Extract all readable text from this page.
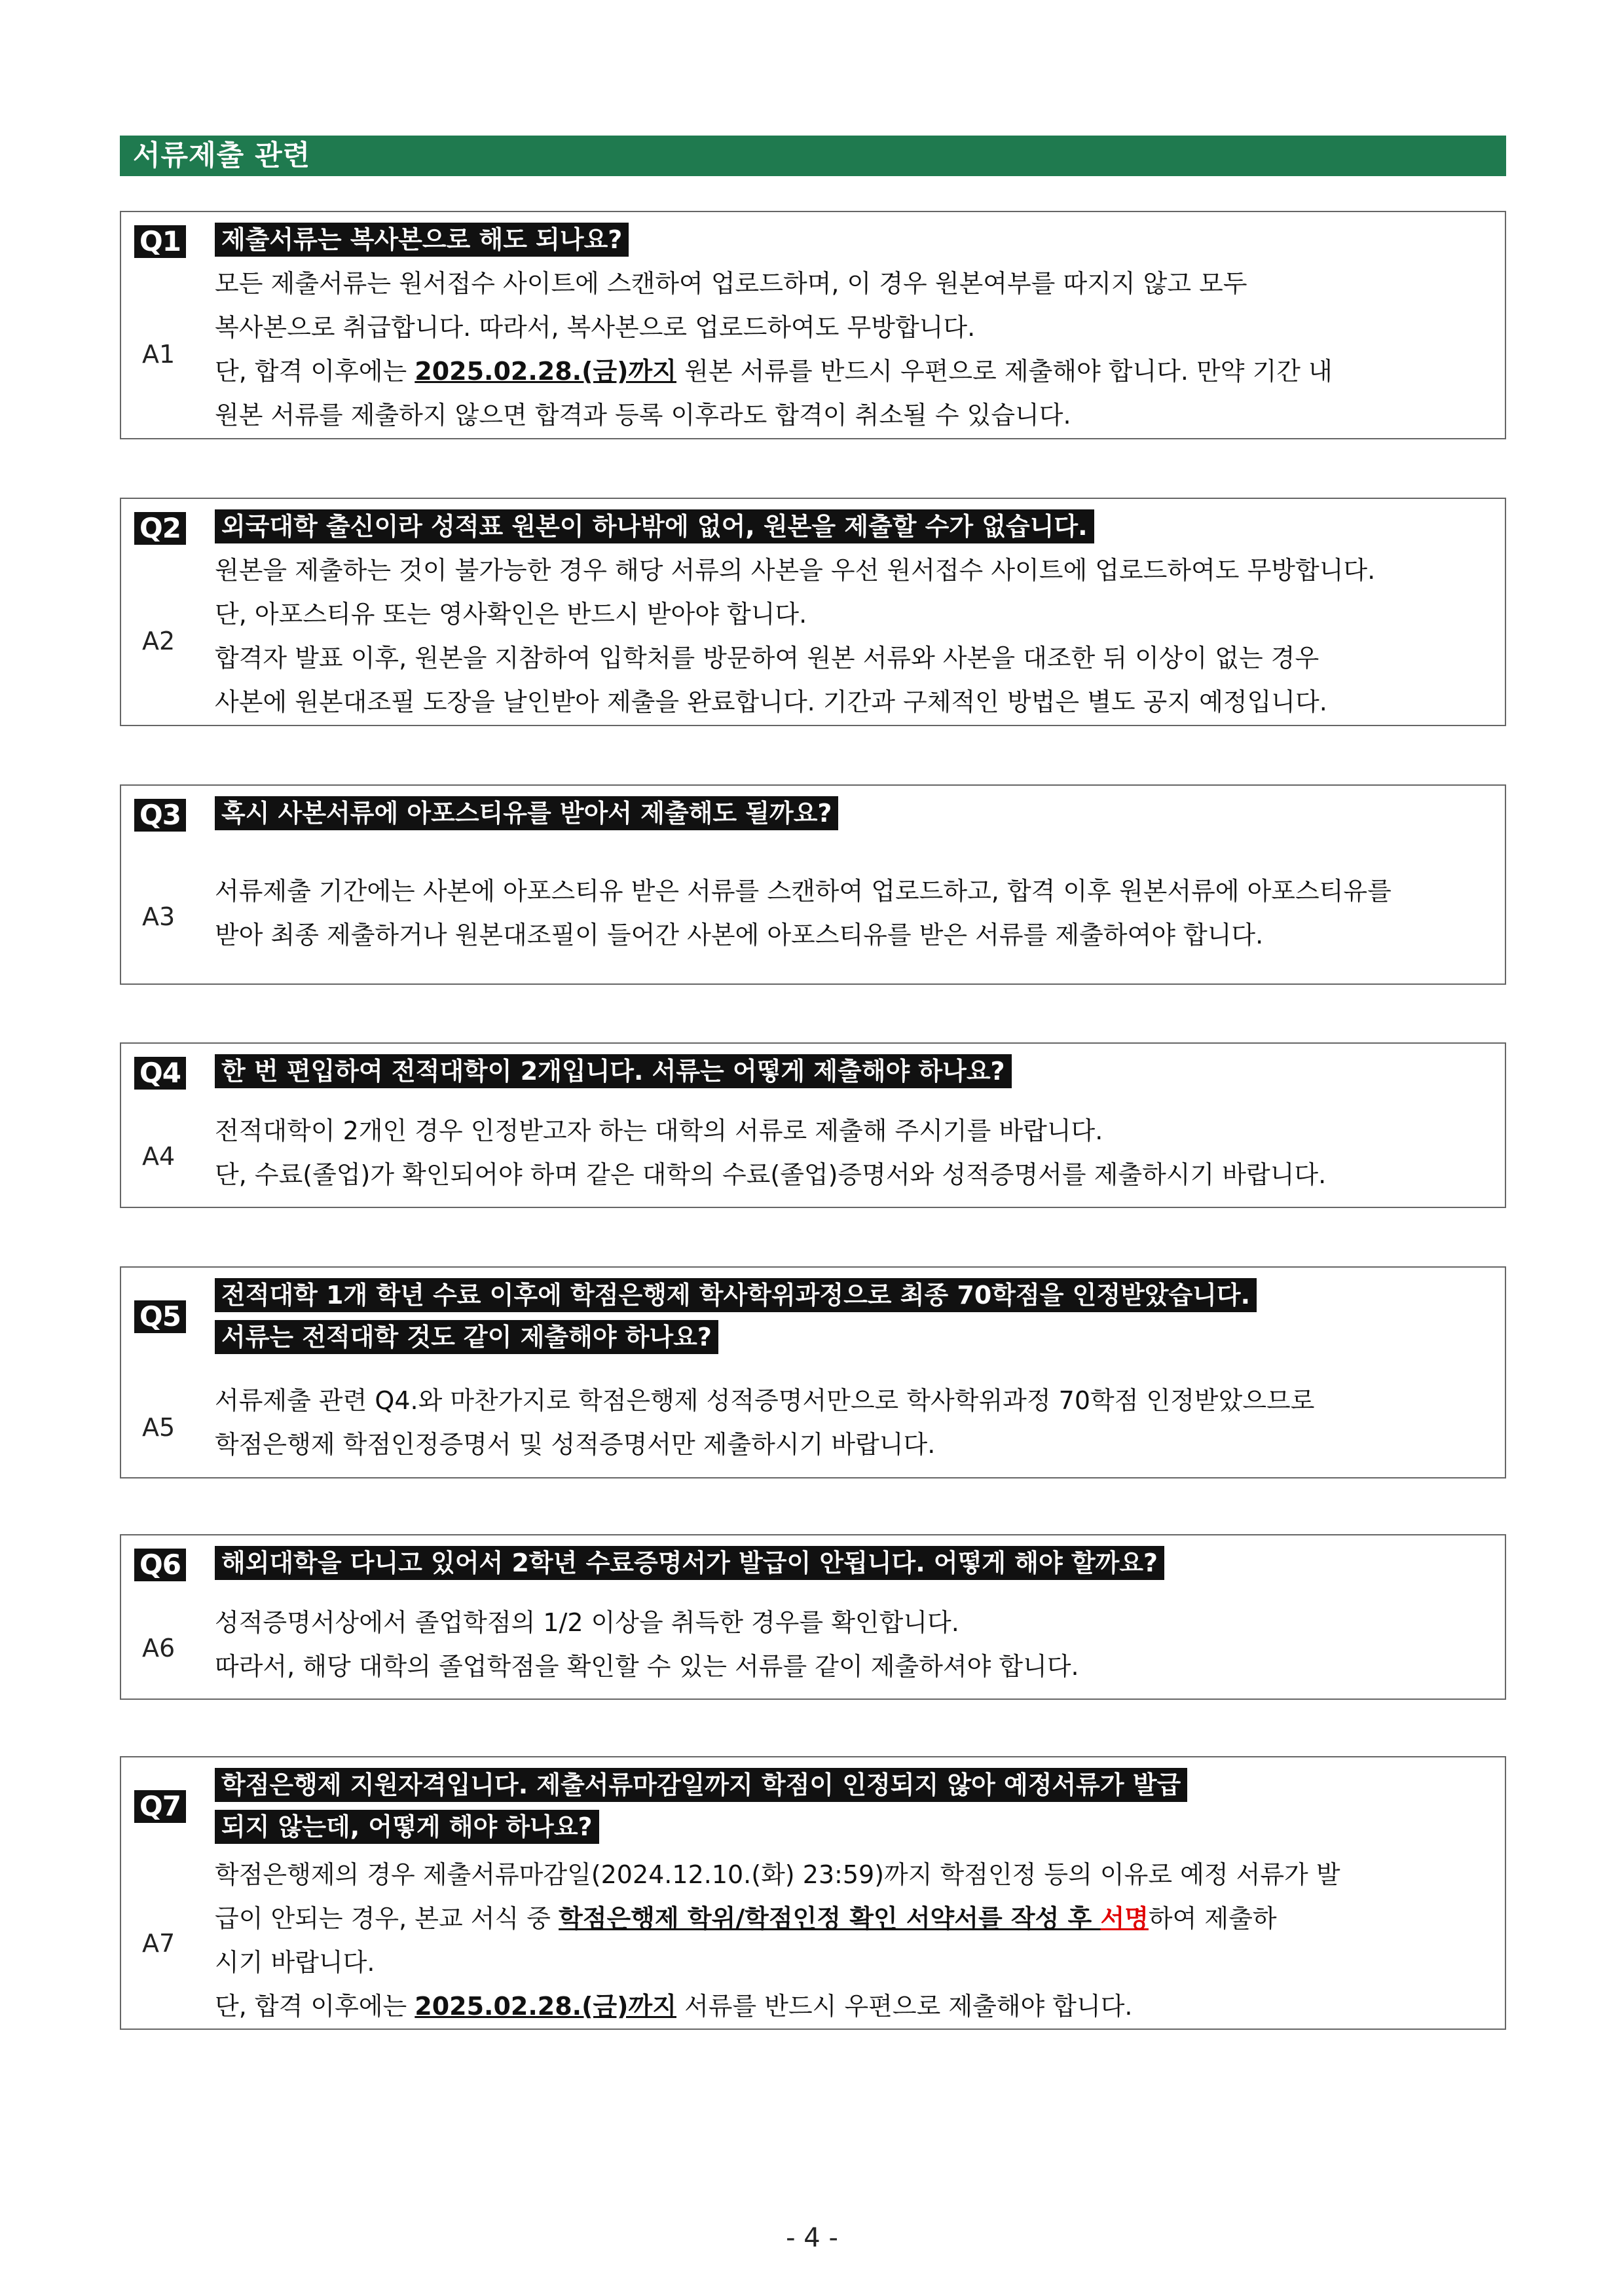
서류제출 관련
Q1 제출서류는 복사본으로 해도 되나요?
A1

모든 제출서류는 원서접수 사이트에 스캔하여 업로드하며, 이 경우 원본여부를 따지지 않고 모두

복사본으로 취급합니다. 따라서, 복사본으로 업로드하여도 무방합니다.

단, 합격 이후에는 2025.02.28.(금)까지 원본 서류를 반드시 우편으로 제출해야 합니다. 만약 기간 내

원본 서류를 제출하지 않으면 합격과 등록 이후라도 합격이 취소될 수 있습니다.

Q2 외국대학 출신이라 성적표 원본이 하나밖에 없어, 원본을 제출할 수가 없습니다.
A2

원본을 제출하는 것이 불가능한 경우 해당 서류의 사본을 우선 원서접수 사이트에 업로드하여도 무방합니다.

단, 아포스티유 또는 영사확인은 반드시 받아야 합니다.

합격자 발표 이후, 원본을 지참하여 입학처를 방문하여 원본 서류와 사본을 대조한 뒤 이상이 없는 경우

사본에 원본대조필 도장을 날인받아 제출을 완료합니다. 기간과 구체적인 방법은 별도 공지 예정입니다.

Q3 혹시 사본서류에 아포스티유를 받아서 제출해도 될까요?
A3

서류제출 기간에는 사본에 아포스티유 받은 서류를 스캔하여 업로드하고, 합격 이후 원본서류에 아포스티유를

받아 최종 제출하거나 원본대조필이 들어간 사본에 아포스티유를 받은 서류를 제출하여야 합니다.

Q4 한 번 편입하여 전적대학이 2개입니다. 서류는 어떻게 제출해야 하나요?
A4

전적대학이 2개인 경우 인정받고자 하는 대학의 서류로 제출해 주시기를 바랍니다.

단, 수료(졸업)가 확인되어야 하며 같은 대학의 수료(졸업)증명서와 성적증명서를 제출하시기 바랍니다.

Q5
전적대학 1개 학년 수료 이후에 학점은행제 학사학위과정으로 최종 70학점을 인정받았습니다.
서류는 전적대학 것도 같이 제출해야 하나요?
A5

서류제출 관련 Q4.와 마찬가지로 학점은행제 성적증명서만으로 학사학위과정 70학점 인정받았으므로

학점은행제 학점인정증명서 및 성적증명서만 제출하시기 바랍니다.

Q6 해외대학을 다니고 있어서 2학년 수료증명서가 발급이 안됩니다. 어떻게 해야 할까요?
A6

성적증명서상에서 졸업학점의 1/2 이상을 취득한 경우를 확인합니다.

따라서, 해당 대학의 졸업학점을 확인할 수 있는 서류를 같이 제출하셔야 합니다.

Q7
학점은행제 지원자격입니다. 제출서류마감일까지 학점이 인정되지 않아 예정서류가 발급
되지 않는데, 어떻게 해야 하나요?
A7

학점은행제의 경우 제출서류마감일(2024.12.10.(화) 23:59)까지 학점인정 등의 이유로 예정 서류가 발

급이 안되는 경우, 본교 서식 중 학점은행제 학위/학점인정 확인 서약서를 작성 후 서명하여 제출하

시기 바랍니다.

단, 합격 이후에는 2025.02.28.(금)까지 서류를 반드시 우편으로 제출해야 합니다.

- 4 -
